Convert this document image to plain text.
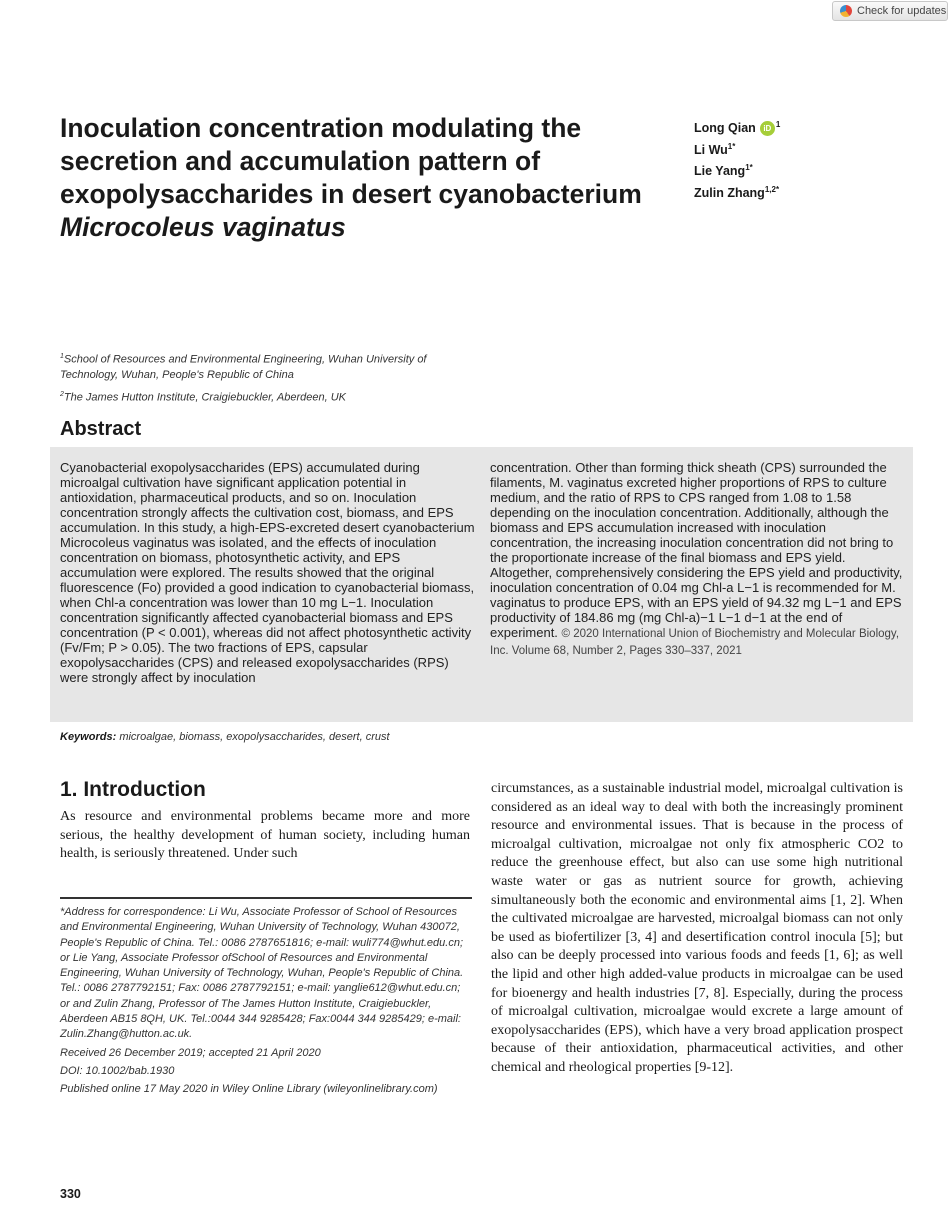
Check for updates
Inoculation concentration modulating the secretion and accumulation pattern of exopolysaccharides in desert cyanobacterium
Microcoleus vaginatus
Long Qian iD $^1$
Li $Wu^{1*}$
Lie Yang$^{1*}$
Zulin Zhang$^{1,2*}$
$^1$School of Resources and Environmental Engineering, Wuhan University of Technology, Wuhan, People's Republic of China
$^2$The James Hutton Institute, Craigiebuckler, Aberdeen, UK
Abstract
Cyanobacterial exopolysaccharides (EPS) accumulated during microalgal cultivation have significant application potential in antioxidation, pharmaceutical products, and so on. Inoculation concentration strongly affects the cultivation cost, biomass, and EPS accumulation. In this study, a high-EPS-excreted desert cyanobacterium Microcoleus vaginatus was isolated, and the effects of inoculation concentration on biomass, photosynthetic activity, and EPS accumulation were explored. The results showed that the original fluorescence (Fo) provided a good indication to cyanobacterial biomass, when Chl-a concentration was lower than 10 mg L−1. Inoculation concentration significantly affected cyanobacterial biomass and EPS concentration (P < 0.001), whereas did not affect photosynthetic activity (Fv/Fm; P > 0.05). The two fractions of EPS, capsular exopolysaccharides (CPS) and released exopolysaccharides (RPS) were strongly affect by inoculation
concentration. Other than forming thick sheath (CPS) surrounded the filaments, M. vaginatus excreted higher proportions of RPS to culture medium, and the ratio of RPS to CPS ranged from 1.08 to 1.58 depending on the inoculation concentration. Additionally, although the biomass and EPS accumulation increased with inoculation concentration, the increasing inoculation concentration did not bring to the proportionate increase of the final biomass and EPS yield. Altogether, comprehensively considering the EPS yield and productivity, inoculation concentration of 0.04 mg Chl-a L−1 is recommended for M. vaginatus to produce EPS, with an EPS yield of 94.32 mg L−1 and EPS productivity of 184.86 mg (mg Chl-a)−1 L−1 d−1 at the end of experiment. © 2020 International Union of Biochemistry and Molecular Biology, Inc. Volume 68, Number 2, Pages 330–337, 2021
Keywords: microalgae, biomass, exopolysaccharides, desert, crust
1. Introduction
As resource and environmental problems became more and more serious, the healthy development of human society, including human health, is seriously threatened. Under such
circumstances, as a sustainable industrial model, microalgal cultivation is considered as an ideal way to deal with both the increasingly prominent resource and environmental issues. That is because in the process of microalgal cultivation, microalgae not only fix atmospheric CO2 to reduce the greenhouse effect, but also can use some high nutritional waste water or gas as nutrient source for growth, achieving simultaneously both the economic and environmental aims [1, 2]. When the cultivated microalgae are harvested, microalgal biomass can not only be used as biofertilizer [3, 4] and desertification control inocula [5]; but also can be deeply processed into various foods and feeds [1, 6]; as well the lipid and other high added-value products in microalgae can be used for bioenergy and health industries [7, 8]. Especially, during the process of microalgal cultivation, microalgae would excrete a large amount of exopolysaccharides (EPS), which have a very broad application prospect because of their antioxidation, pharmaceutical activities, and other chemical and rheological properties [9-12].

*Address for correspondence: Li Wu, Associate Professor of School of Resources and Environmental Engineering, Wuhan University of Technology, Wuhan 430072, People's Republic of China. Tel.: 0086 2787651816; e-mail: wuli774@whut.edu.cn; or Lie Yang, Associate Professor ofSchool of Resources and Environmental Engineering, Wuhan University of Technology, Wuhan, People's Republic of China. Tel.: 0086 2787792151; Fax: 0086 2787792151; e-mail: yanglie612@whut.edu.cn; or and Zulin Zhang, Professor of The James Hutton Institute, Craigiebuckler, Aberdeen AB15 8QH, UK. Tel.:0044 344 9285428; Fax:0044 344 9285429; e-mail: Zulin.Zhang@hutton.ac.uk.

Received 26 December 2019; accepted 21 April 2020

DOI: 10.1002/bab.1930

Published online 17 May 2020 in Wiley Online Library (wileyonlinelibrary.com)

330
